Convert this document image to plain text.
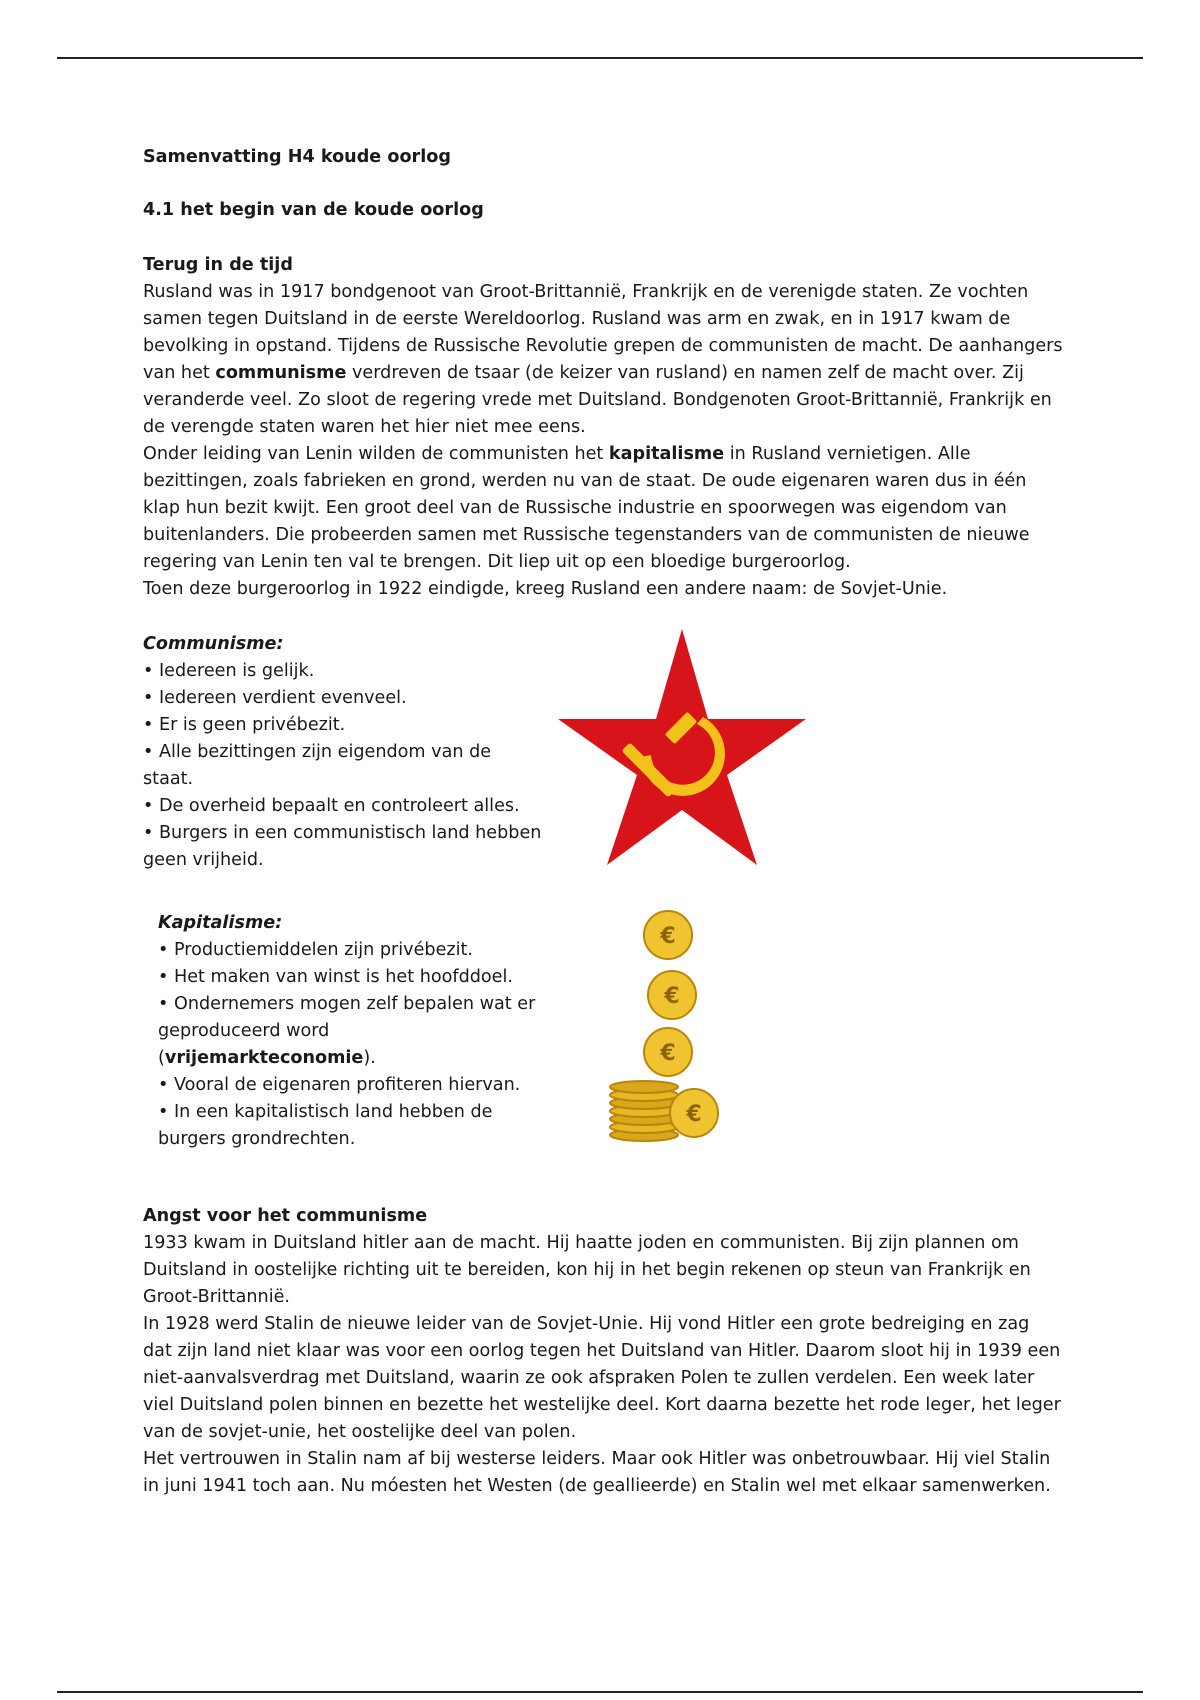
Samenvatting H4 koude oorlog
4.1 het begin van de koude oorlog

Terug in de tijd

Rusland was in 1917 bondgenoot van Groot-Brittannië, Frankrijk en de verenigde staten. Ze vochten samen tegen Duitsland in de eerste Wereldoorlog. Rusland was arm en zwak, en in 1917 kwam de bevolking in opstand. Tijdens de Russische Revolutie grepen de communisten de macht. De aanhangers van het communisme verdreven de tsaar (de keizer van rusland) en namen zelf de macht over. Zij veranderde veel. Zo sloot de regering vrede met Duitsland. Bondgenoten Groot-Brittannië, Frankrijk en de verengde staten waren het hier niet mee eens.

Onder leiding van Lenin wilden de communisten het kapitalisme in Rusland vernietigen. Alle bezittingen, zoals fabrieken en grond, werden nu van de staat. De oude eigenaren waren dus in één klap hun bezit kwijt. Een groot deel van de Russische industrie en spoorwegen was eigendom van buitenlanders. Die probeerden samen met Russische tegenstanders van de communisten de nieuwe regering van Lenin ten val te brengen. Dit liep uit op een bloedige burgeroorlog.

Toen deze burgeroorlog in 1922 eindigde, kreeg Rusland een andere naam: de Sovjet-Unie.

Communisme:

• Iedereen is gelijk.

• Iedereen verdient evenveel.

• Er is geen privébezit.

• Alle bezittingen zijn eigendom van de staat.

• De overheid bepaalt en controleert alles.

• Burgers in een communistisch land hebben geen vrijheid.

Kapitalisme:

• Productiemiddelen zijn privébezit.

• Het maken van winst is het hoofddoel.

• Ondernemers mogen zelf bepalen wat er geproduceerd word (vrijemarkteconomie).

• Vooral de eigenaren profiteren hiervan.

• In een kapitalistisch land hebben de burgers grondrechten.

€
€
€
€

Angst voor het communisme

1933 kwam in Duitsland hitler aan de macht. Hij haatte joden en communisten. Bij zijn plannen om Duitsland in oostelijke richting uit te bereiden, kon hij in het begin rekenen op steun van Frankrijk en Groot-Brittannië.

In 1928 werd Stalin de nieuwe leider van de Sovjet-Unie. Hij vond Hitler een grote bedreiging en zag dat zijn land niet klaar was voor een oorlog tegen het Duitsland van Hitler. Daarom sloot hij in 1939 een niet-aanvalsverdrag met Duitsland, waarin ze ook afspraken Polen te zullen verdelen. Een week later viel Duitsland polen binnen en bezette het westelijke deel. Kort daarna bezette het rode leger, het leger van de sovjet-unie, het oostelijke deel van polen.

Het vertrouwen in Stalin nam af bij westerse leiders. Maar ook Hitler was onbetrouwbaar. Hij viel Stalin in juni 1941 toch aan. Nu móesten het Westen (de geallieerde) en Stalin wel met elkaar samenwerken.
